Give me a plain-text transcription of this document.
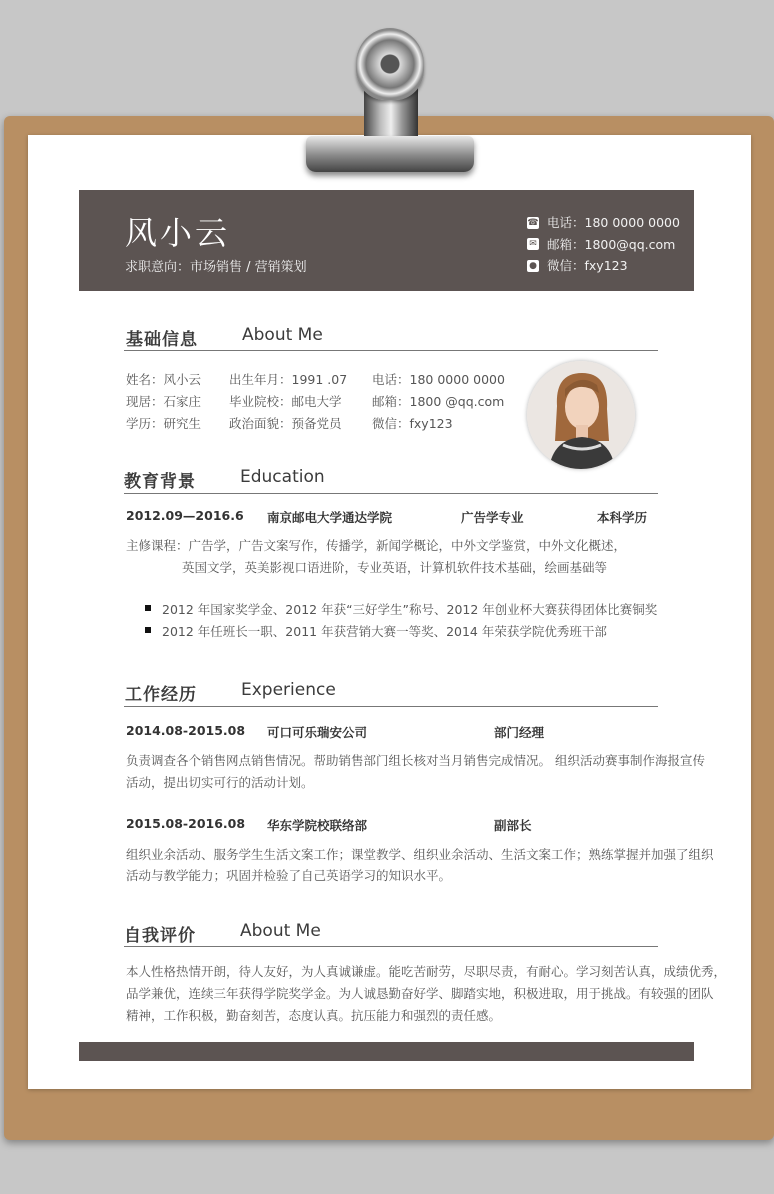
风小云
求职意向：市场销售 / 营销策划
☎ 电话：180 0000 0000
✉ 邮箱：1800@qq.com
● 微信：fxy123
基础信息	About Me
姓名：风小云 出生年月：1991 .07 电话：180 0000 0000
现居：石家庄 毕业院校：邮电大学 邮箱：1800 @qq.com
学历：研究生 政治面貌：预备党员 微信：fxy123
教育背景	Education
2012.09—2016.6 南京邮电大学通达学院	广告学专业	本科学历
主修课程：广告学，广告文案写作，传播学，新闻学概论，中外文学鉴赏，中外文化概述，
英国文学，英美影视口语进阶，专业英语，计算机软件技术基础，绘画基础等
2012 年国家奖学金、2012 年获“三好学生”称号、2012 年创业杯大赛获得团体比赛铜奖
2012 年任班长一职、2011 年获营销大赛一等奖、2014 年荣获学院优秀班干部
工作经历	Experience
2014.08-2015.08 可口可乐瑞安公司	部门经理
负责调查各个销售网点销售情况。帮助销售部门组长核对当月销售完成情况。 组织活动赛事制作海报宣传
活动，提出切实可行的活动计划。
2015.08-2016.08 华东学院校联络部	副部长
组织业余活动、服务学生生活文案工作；课堂教学、组织业余活动、生活文案工作；熟练掌握并加强了组织
活动与教学能力；巩固并检验了自己英语学习的知识水平。
自我评价	About Me
本人性格热情开朗，待人友好，为人真诚谦虚。能吃苦耐劳，尽职尽责，有耐心。学习刻苦认真，成绩优秀，
品学兼优，连续三年获得学院奖学金。为人诚恳勤奋好学、脚踏实地，积极进取，用于挑战。有较强的团队
精神，工作积极，勤奋刻苦，态度认真。抗压能力和强烈的责任感。
